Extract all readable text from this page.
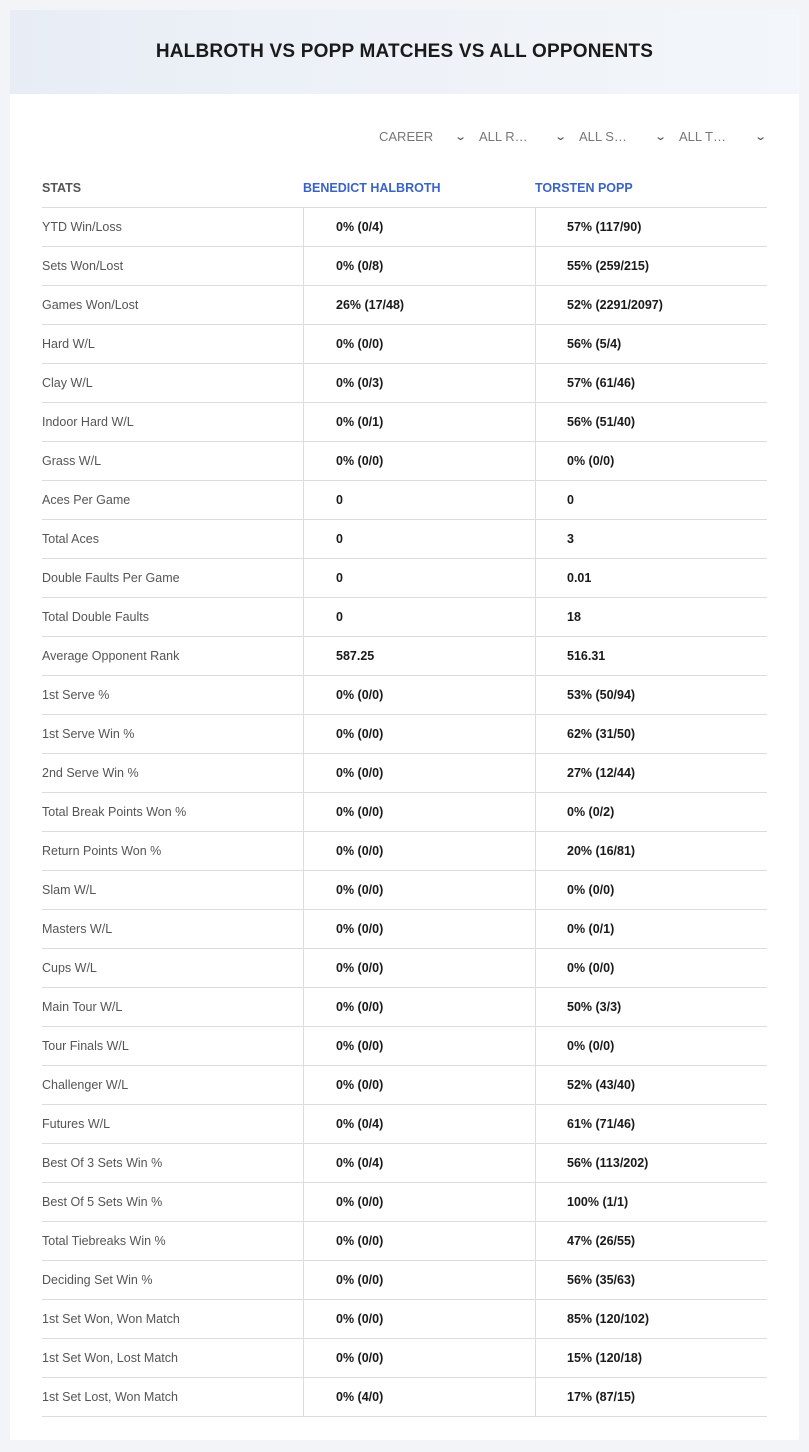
HALBROTH VS POPP MATCHES VS ALL OPPONENTS
CAREER ⌄ ALL R… ⌄ ALL S… ⌄ ALL T…	⌄
STATS	BENEDICT HALBROTH	TORSTEN POPP
YTD Win/Loss	0% (0/4)	57% (117/90)
Sets Won/Lost	0% (0/8)	55% (259/215)
Games Won/Lost	26% (17/48)	52% (2291/2097)
Hard W/L	0% (0/0)	56% (5/4)
Clay W/L	0% (0/3)	57% (61/46)
Indoor Hard W/L	0% (0/1)	56% (51/40)
Grass W/L	0% (0/0)	0% (0/0)
Aces Per Game	0	0
Total Aces	0	3
Double Faults Per Game	0	0.01
Total Double Faults	0	18
Average Opponent Rank	587.25	516.31
1st Serve %	0% (0/0)	53% (50/94)
1st Serve Win %	0% (0/0)	62% (31/50)
2nd Serve Win %	0% (0/0)	27% (12/44)
Total Break Points Won %	0% (0/0)	0% (0/2)
Return Points Won %	0% (0/0)	20% (16/81)
Slam W/L	0% (0/0)	0% (0/0)
Masters W/L	0% (0/0)	0% (0/1)
Cups W/L	0% (0/0)	0% (0/0)
Main Tour W/L	0% (0/0)	50% (3/3)
Tour Finals W/L	0% (0/0)	0% (0/0)
Challenger W/L	0% (0/0)	52% (43/40)
Futures W/L	0% (0/4)	61% (71/46)
Best Of 3 Sets Win %	0% (0/4)	56% (113/202)
Best Of 5 Sets Win %	0% (0/0)	100% (1/1)
Total Tiebreaks Win %	0% (0/0)	47% (26/55)
Deciding Set Win %	0% (0/0)	56% (35/63)
1st Set Won, Won Match	0% (0/0)	85% (120/102)
1st Set Won, Lost Match	0% (0/0)	15% (120/18)
1st Set Lost, Won Match	0% (4/0)	17% (87/15)
